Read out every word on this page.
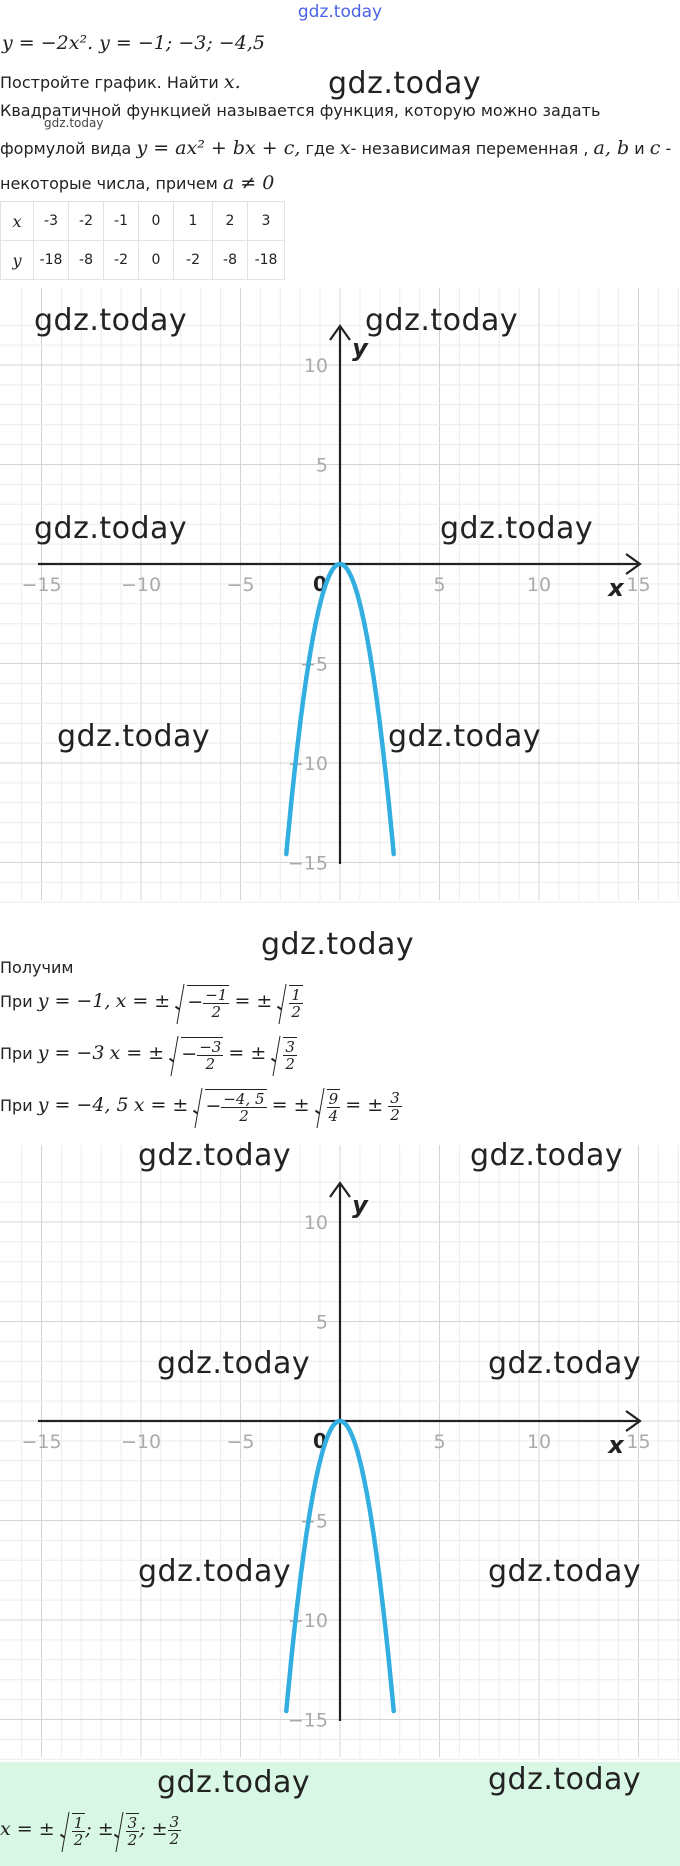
gdz.today
y = −2x². y = −1; −3; −4,5
Постройте график. Найти x.
Квадратичной функцией называется функция, которую можно задать
формулой вида y = ax² + bx + c, где x- независимая переменная , a, b и c -
некоторые числа, причем a ≠ 0
gdz.today
x	-3	-2	-1	0	1	2	3
y	-18	-8	-2	0	-2	-8	-18
−15	−10	−5	5	10	15
10
5
−5
−10
−15
0	x
y
Получим
При y = −1, x = ± − $\frac{-1}{2}$ = ± $\frac{1}{2}$
При y = −3 x = ± − $\frac{-3}{2}$ = ± $\frac{3}{2}$
При y = −4, 5 x = ± − $\frac{-4, 5}{2}$ = ± $\frac{9}{4}$ = ± $\frac{3}{2}$
−15	−10	−5	5	10	15
10
5
−5
−10
−15
0	x
y
x = ± $\frac{1}{2}$ ; ± $\frac{3}{2}$ ; ± $\frac{3}{2}$
gdz.today
gdz.today	gdz.today
gdz.today	gdz.today
gdz.today	gdz.today
gdz.today
gdz.today	gdz.today
gdz.today	gdz.today
gdz.today	gdz.today
gdz.today	gdz.today
